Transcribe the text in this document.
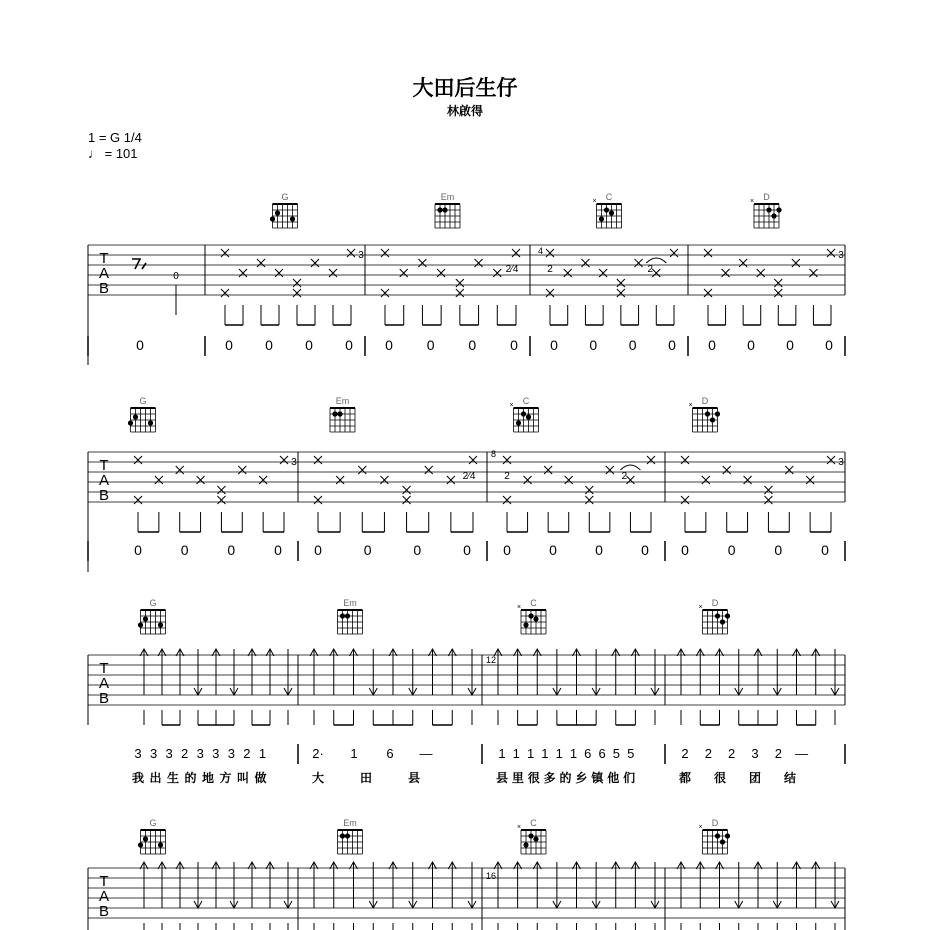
大田后生仔
林啟得
1 = G 1/4
♩ = 101
T
A
B
G	Em	C
×	D
×
0
3
2⁄4	2	2
3
4
0	0 0 0 0 0 0 0 0 0 0 0 0 0 0 0 0
T
A
B
G	Em	C
×	D
×
3
2⁄4	2	2
3
8
0	0	0	0 0	0	0	0 0	0	0	0 0	0	0	0
T
A
B
G	Em	C
×	D
×
12
3 3 3 2 3 3 3 2 1
我 出 生 的 地 方 叫 做
2· 1 6 —
大	田	县
1 1 1 1 1 1 6 6 5 5
县 里 很 多 的 乡 镇 他 们
2 2 2 3 2 —
都 很 团 结
T
A
B
G	Em	C
×	D
×
16
